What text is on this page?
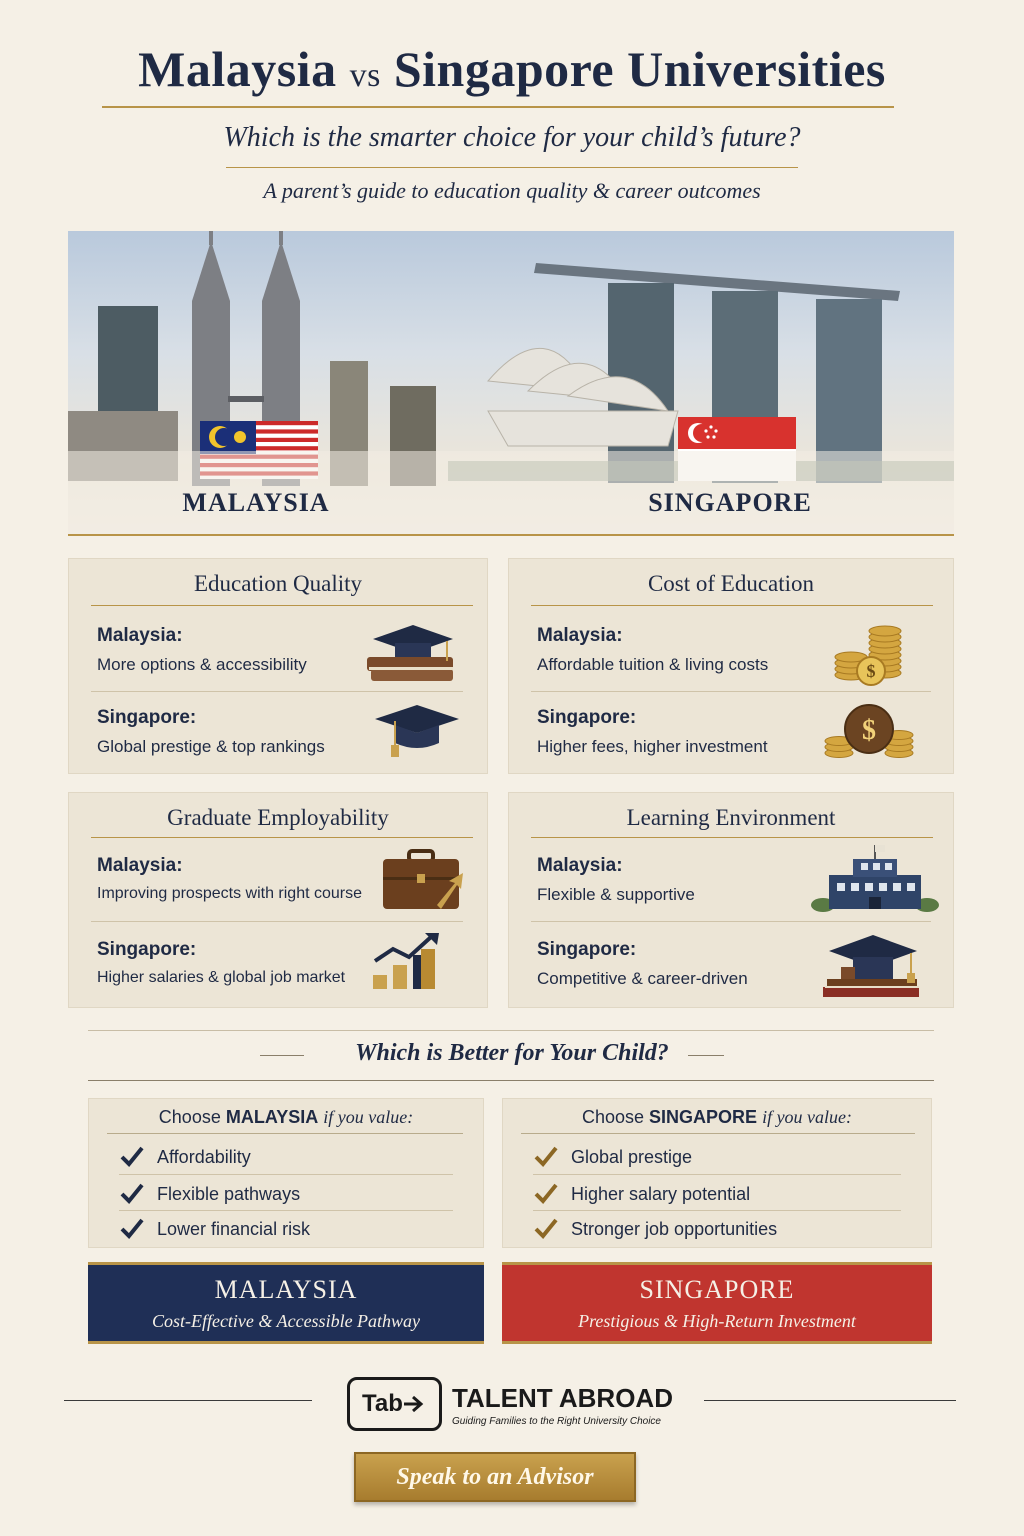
Malaysia vs Singapore Universities
Which is the smarter choice for your child’s future?
A parent’s guide to education quality & career outcomes
MALAYSIA	SINGAPORE
Education Quality
Malaysia:
More options & accessibility
Singapore:
Global prestige & top rankings
Cost of Education
Malaysia:
Affordable tuition & living costs
Singapore:
Higher fees, higher investment
$
$
Graduate Employability
Malaysia:
Improving prospects with right course
Singapore:
Higher salaries & global job market
Learning Environment
Malaysia:
Flexible & supportive
Singapore:
Competitive & career-driven
Which is Better for Your Child?
Choose MALAYSIA if you value:
Affordability
Flexible pathways
Lower financial risk
Choose SINGAPORE if you value:
Global prestige
Higher salary potential
Stronger job opportunities
MALAYSIA
Cost-Effective & Accessible Pathway
SINGAPORE
Prestigious & High-Return Investment
Tab	TALENT ABROAD
Guiding Families to the Right University Choice
Speak to an Advisor
